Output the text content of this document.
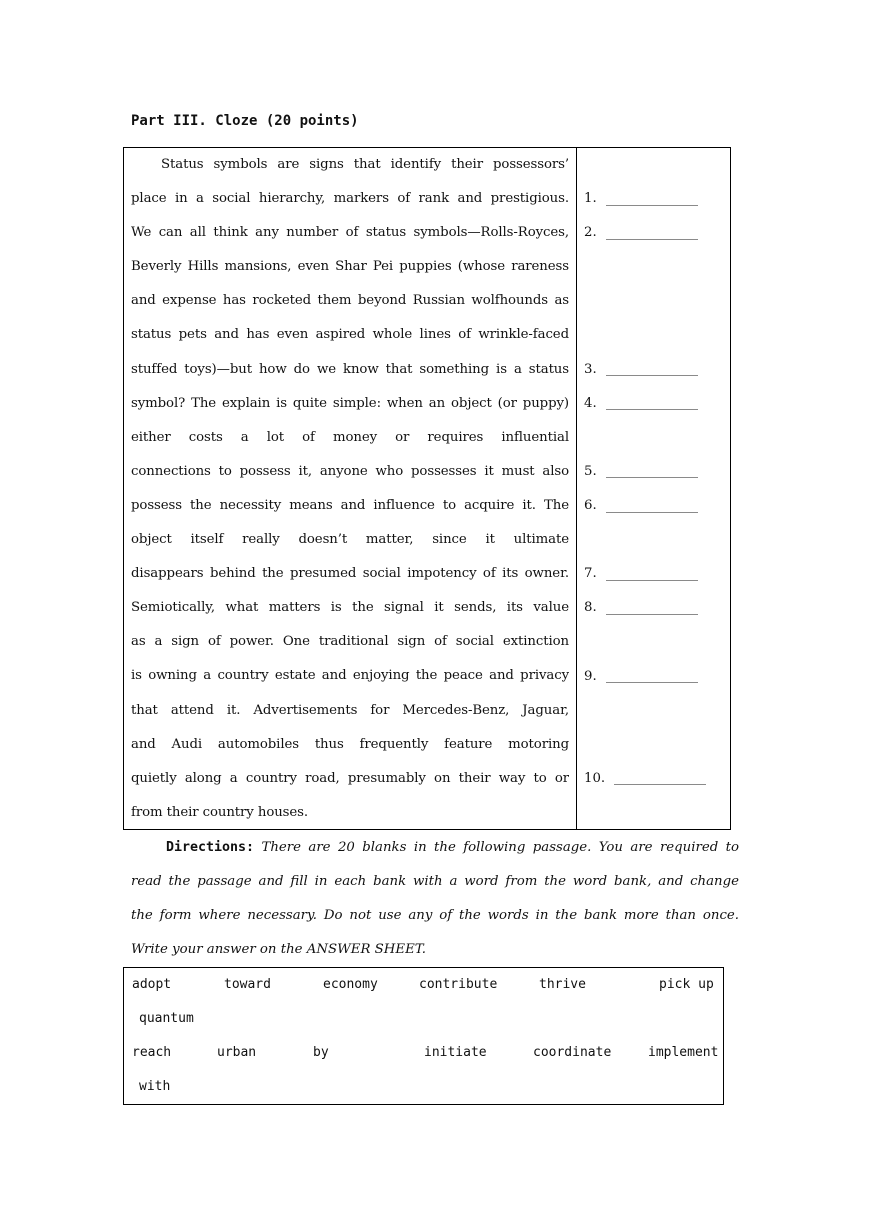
Part III. Cloze (20 points)
Status symbols are signs that identify their possessors’
place in a social hierarchy, markers of rank and prestigious.
We can all think any number of status symbols—Rolls-Royces,
Beverly Hills mansions, even Shar Pei puppies (whose rareness
and expense has rocketed them beyond Russian wolfhounds as
status pets and has even aspired whole lines of wrinkle-faced
stuffed toys)—but how do we know that something is a status
symbol? The explain is quite simple: when an object (or puppy)
either costs a lot of money or requires influential
connections to possess it, anyone who possesses it must also
possess the necessity means and influence to acquire it. The
object itself really doesn’t matter, since it ultimate
disappears behind the presumed social impotency of its owner.
Semiotically, what matters is the signal it sends, its value
as a sign of power. One traditional sign of social extinction
is owning a country estate and enjoying the peace and privacy
that attend it. Advertisements for Mercedes-Benz, Jaguar,
and Audi automobiles thus frequently feature motoring
quietly along a country road, presumably on their way to or
from their country houses.
1.
2.
3.
4.
5.
6.
7.
8.
9.
10.
Directions: There are 20 blanks in the following passage. You are required to
read the passage and fill in each bank with a word from the word bank, and change
the form where necessary. Do not use any of the words in the bank more than once.
Write your answer on the ANSWER SHEET.
adopt	toward	economy	contribute	thrive	pick up
quantum
reach	urban	by	initiate	coordinate	implement
with
